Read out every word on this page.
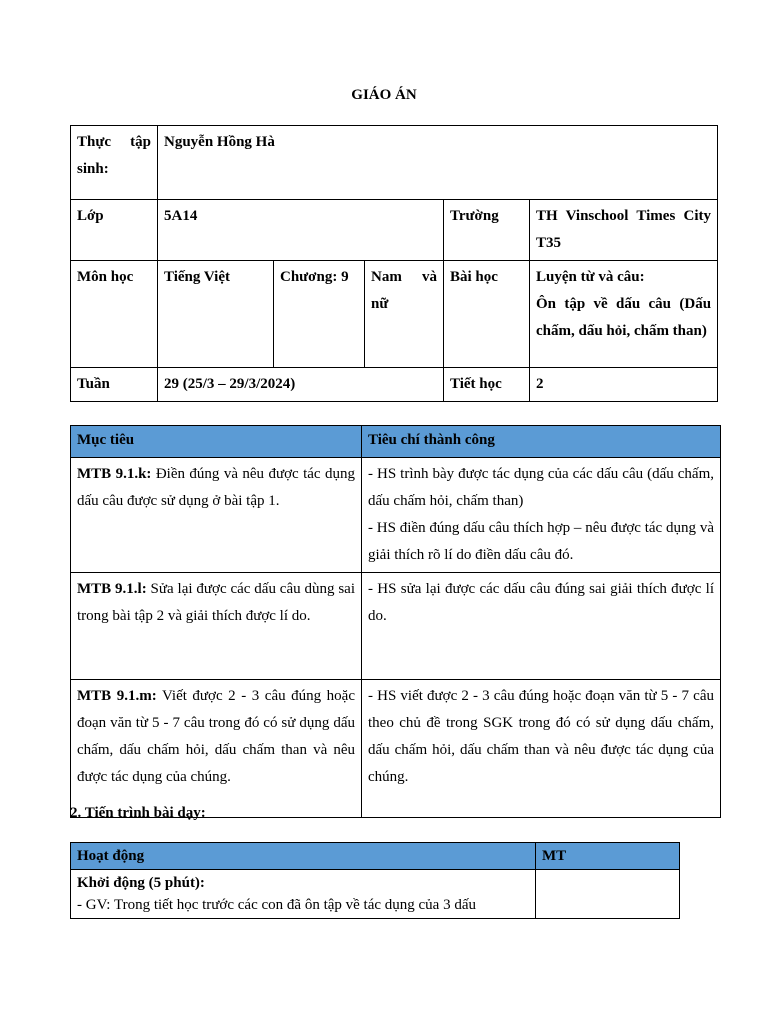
GIÁO ÁN
Thực tập sinh:	Nguyễn Hồng Hà				
Lớp	5A14			Trường	TH Vinschool Times City T35
Môn học	Tiếng Việt	Chương: 9	Nam và nữ	Bài học	Luyện từ và câu:
Ôn tập về dấu câu (Dấu chấm, dấu hỏi, chấm than)

Tuần	29 (25/3 – 29/3/2024)			Tiết học	2
Mục tiêu	Tiêu chí thành công
MTB 9.1.k: Điền đúng và nêu được tác dụng dấu câu được sử dụng ở bài tập 1.	- HS trình bày được tác dụng của các dấu câu (dấu chấm, dấu chấm hỏi, chấm than)
- HS điền đúng dấu câu thích hợp – nêu được tác dụng và giải thích rõ lí do điền dấu câu đó.

MTB 9.1.l: Sửa lại được các dấu câu dùng sai trong bài tập 2 và giải thích được lí do.	- HS sửa lại được các dấu câu đúng sai giải thích được lí do.

MTB 9.1.m: Viết được 2 - 3 câu đúng hoặc đoạn văn từ 5 - 7 câu trong đó có sử dụng dấu chấm, dấu chấm hỏi, dấu chấm than và nêu được tác dụng của chúng.	- HS viết được 2 - 3 câu đúng hoặc đoạn văn từ 5 - 7 câu theo chủ đề trong SGK trong đó có sử dụng dấu chấm, dấu chấm hỏi, dấu chấm than và nêu được tác dụng của chúng.
2. Tiến trình bài dạy:
Hoạt động	MT

Khởi động (5 phút):
- GV: Trong tiết học trước các con đã ôn tập về tác dụng của 3 dấu	
